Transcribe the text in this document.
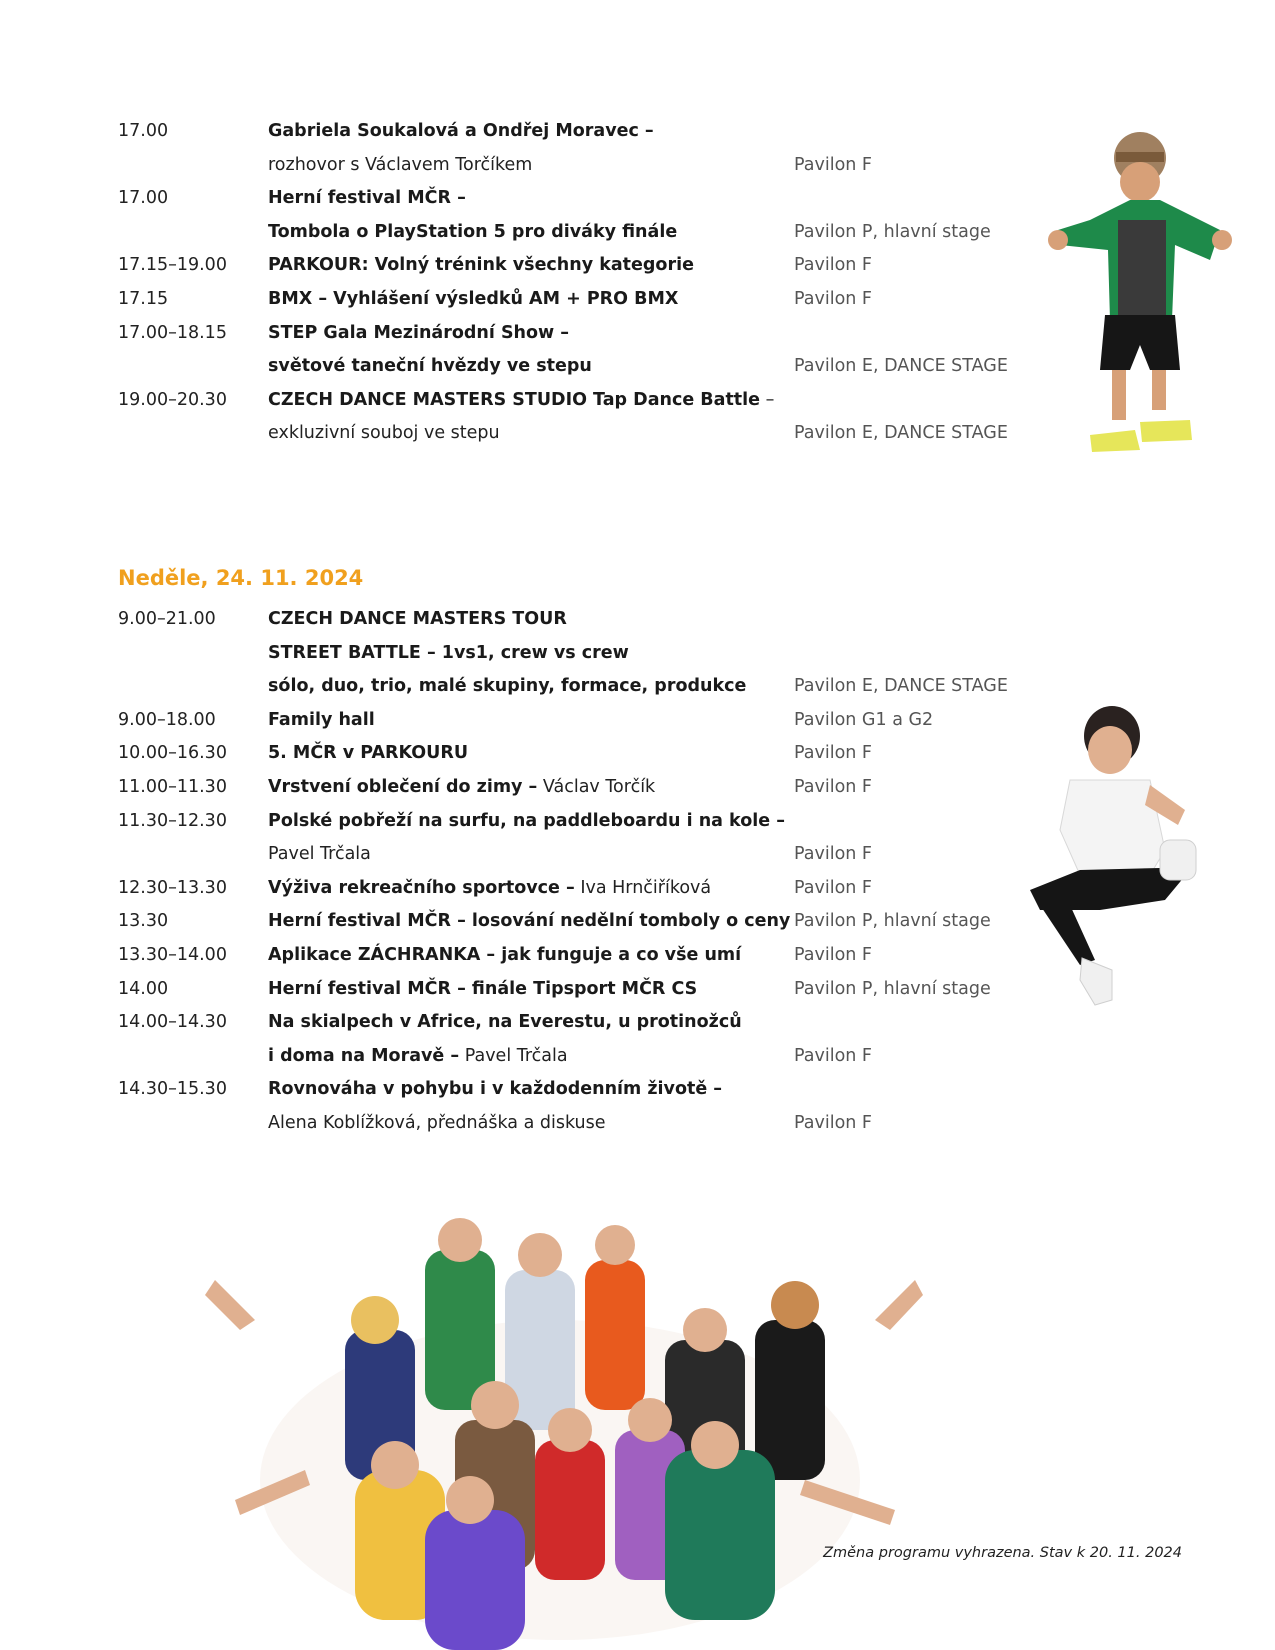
17.00	Gabriela Soukalová a Ondřej Moravec –
rozhovor s Václavem Torčíkem	Pavilon F
17.00	Herní festival MČR –
Tombola o PlayStation 5 pro diváky finále	Pavilon P, hlavní stage
17.15–19.00 PARKOUR: Volný trénink všechny kategorie	Pavilon F
17.15	BMX – Vyhlášení výsledků AM + PRO BMX	Pavilon F
17.00–18.15 STEP Gala Mezinárodní Show –
světové taneční hvězdy ve stepu	Pavilon E, DANCE STAGE
19.00–20.30 CZECH DANCE MASTERS STUDIO Tap Dance Battle –
exkluzivní souboj ve stepu	Pavilon E, DANCE STAGE
Neděle, 24. 11. 2024
9.00–21.00	CZECH DANCE MASTERS TOUR
STREET BATTLE – 1vs1, crew vs crew
sólo, duo, trio, malé skupiny, formace, produkce	Pavilon E, DANCE STAGE
9.00–18.00	Family hall	Pavilon G1 a G2
10.00–16.30 5. MČR v PARKOURU	Pavilon F
11.00–11.30 Vrstvení oblečení do zimy – Václav Torčík	Pavilon F
11.30–12.30 Polské pobřeží na surfu, na paddleboardu i na kole –
Pavel Trčala	Pavilon F
12.30–13.30 Výživa rekreačního sportovce – Iva Hrnčiříková	Pavilon F
13.30	Herní festival MČR – losování nedělní tomboly o ceny Pavilon P, hlavní stage
13.30–14.00 Aplikace ZÁCHRANKA – jak funguje a co vše umí	Pavilon F
14.00	Herní festival MČR – finále Tipsport MČR CS	Pavilon P, hlavní stage
14.00–14.30 Na skialpech v Africe, na Everestu, u protinožců
i doma na Moravě – Pavel Trčala	Pavilon F
14.30–15.30 Rovnováha v pohybu i v každodenním životě –
Alena Koblížková, přednáška a diskuse	Pavilon F
Změna programu vyhrazena. Stav k 20. 11. 2024
